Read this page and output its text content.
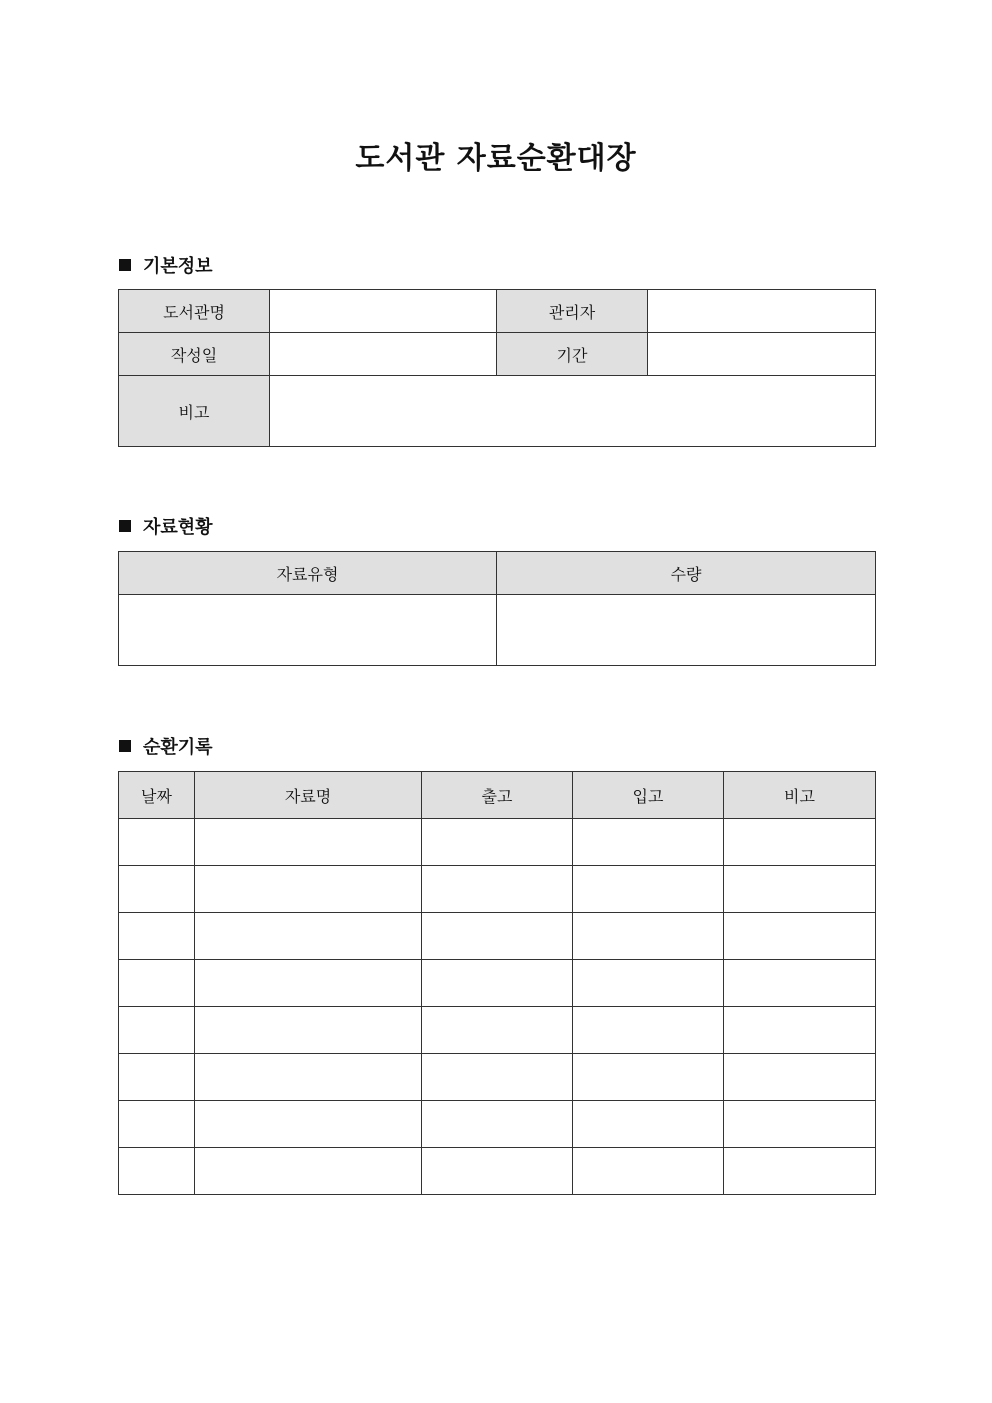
도서관 자료순환대장
기본정보
도서관명		관리자	
작성일		기간	
비고			
자료현황
자료유형	수량

순환기록
날짜	자료명	출고	입고	비고
